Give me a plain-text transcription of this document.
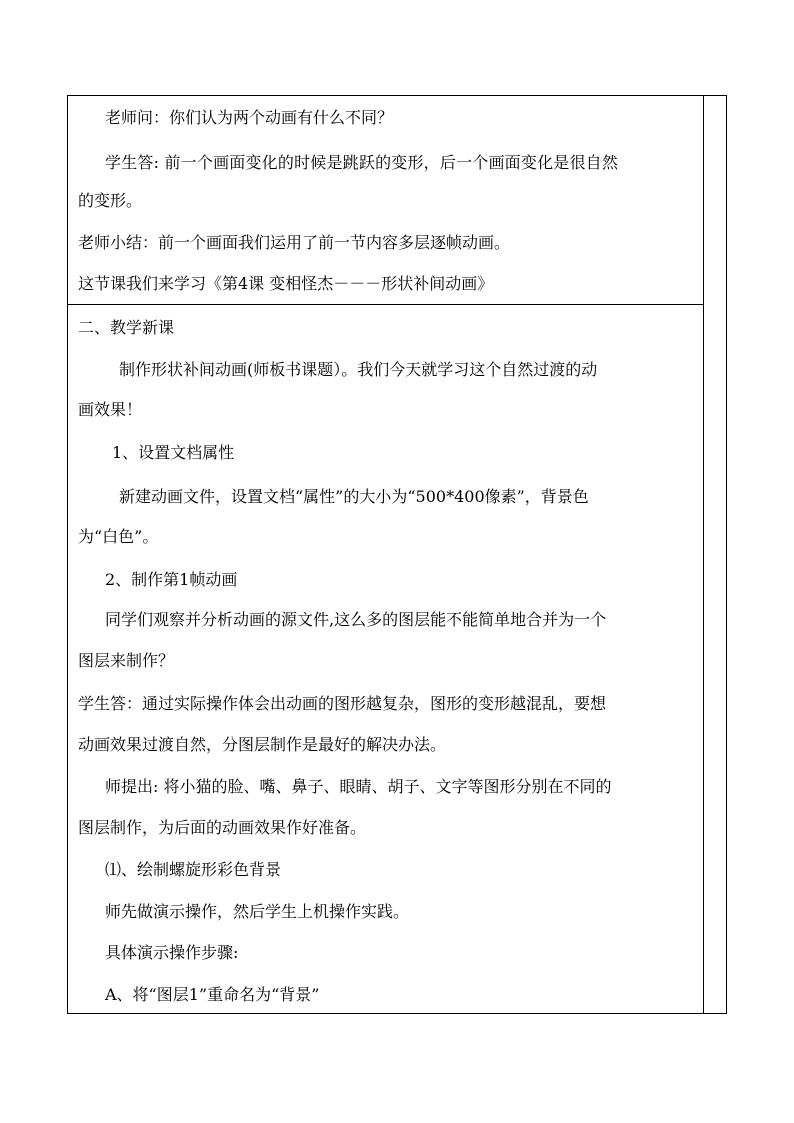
老师问：你们认为两个动画有什么不同？
学生答: 前一个画面变化的时候是跳跃的变形，后一个画面变化是很自然
的变形。
老师小结：前一个画面我们运用了前一节内容多层逐帧动画。
这节课我们来学习《第4课 变相怪杰－－－形状补间动画》
二、教学新课
制作形状补间动画(师板书课题）。我们今天就学习这个自然过渡的动
画效果！
1、设置文档属性
新建动画文件，设置文档“属性”的大小为“500*400像素”，背景色
为“白色”。
2、制作第1帧动画
同学们观察并分析动画的源文件,这么多的图层能不能简单地合并为一个
图层来制作？
学生答：通过实际操作体会出动画的图形越复杂，图形的变形越混乱，要想
动画效果过渡自然，分图层制作是最好的解决办法。
师提出: 将小猫的脸、嘴、鼻子、眼睛、胡子、文字等图形分别在不同的
图层制作，为后面的动画效果作好准备。
⑴、绘制螺旋形彩色背景
师先做演示操作，然后学生上机操作实践。
具体演示操作步骤:
A、将“图层1”重命名为“背景”
